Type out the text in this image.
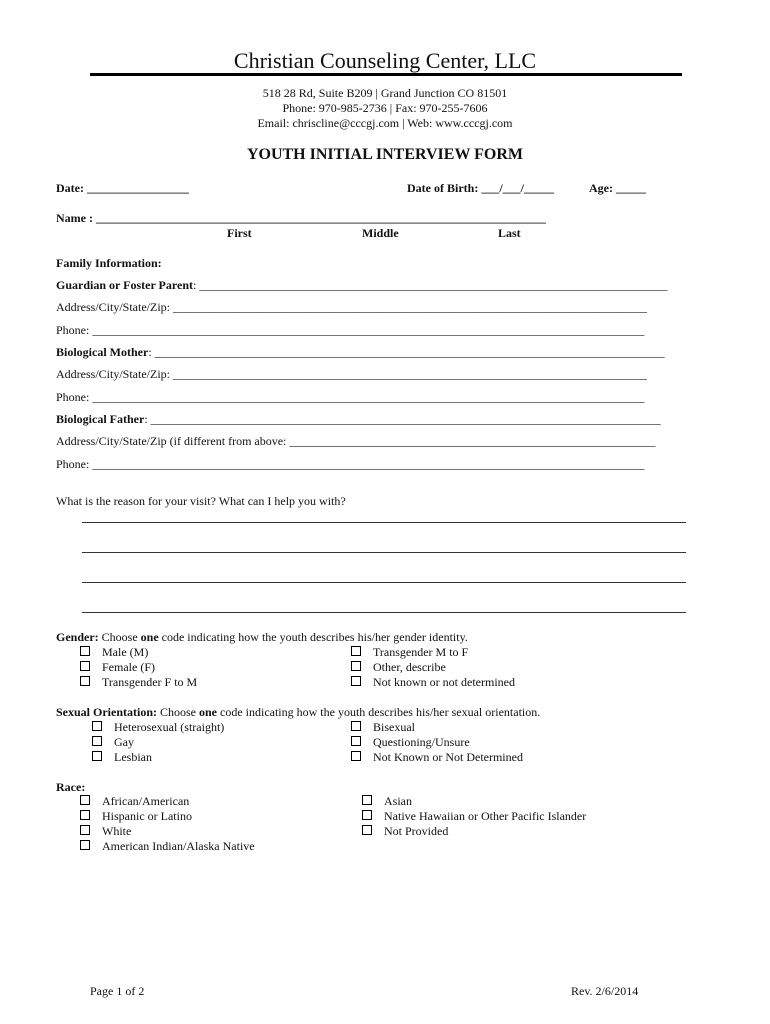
Christian Counseling Center, LLC
518 28 Rd, Suite B209 | Grand Junction CO 81501
Phone: 970-985-2736 | Fax: 970-255-7606
Email: chriscline@cccgj.com | Web: www.cccgj.com
YOUTH INITIAL INTERVIEW FORM
Date: _________________	Date of Birth: ___/___/_____	Age: _____
Name : ___________________________________________________________________________
First	Middle	Last
Family Information:
Guardian or Foster Parent: ______________________________________________________________________________
Address/City/State/Zip: _______________________________________________________________________________
Phone: ____________________________________________________________________________________________
Biological Mother: _____________________________________________________________________________________
Address/City/State/Zip: _______________________________________________________________________________
Phone: ____________________________________________________________________________________________
Biological Father: _____________________________________________________________________________________
Address/City/State/Zip (if different from above: _____________________________________________________________
Phone: ____________________________________________________________________________________________
What is the reason for your visit? What can I help you with?
Gender: Choose one code indicating how the youth describes his/her gender identity.
Male (M)
Female (F)
Transgender F to M
Transgender M to F
Other, describe
Not known or not determined
Sexual Orientation: Choose one code indicating how the youth describes his/her sexual orientation.
Heterosexual (straight)
Gay
Lesbian
Bisexual
Questioning/Unsure
Not Known or Not Determined
Race:
African/American
Hispanic or Latino
White
American Indian/Alaska Native
Asian
Native Hawaiian or Other Pacific Islander
Not Provided
Page 1 of 2	Rev. 2/6/2014
